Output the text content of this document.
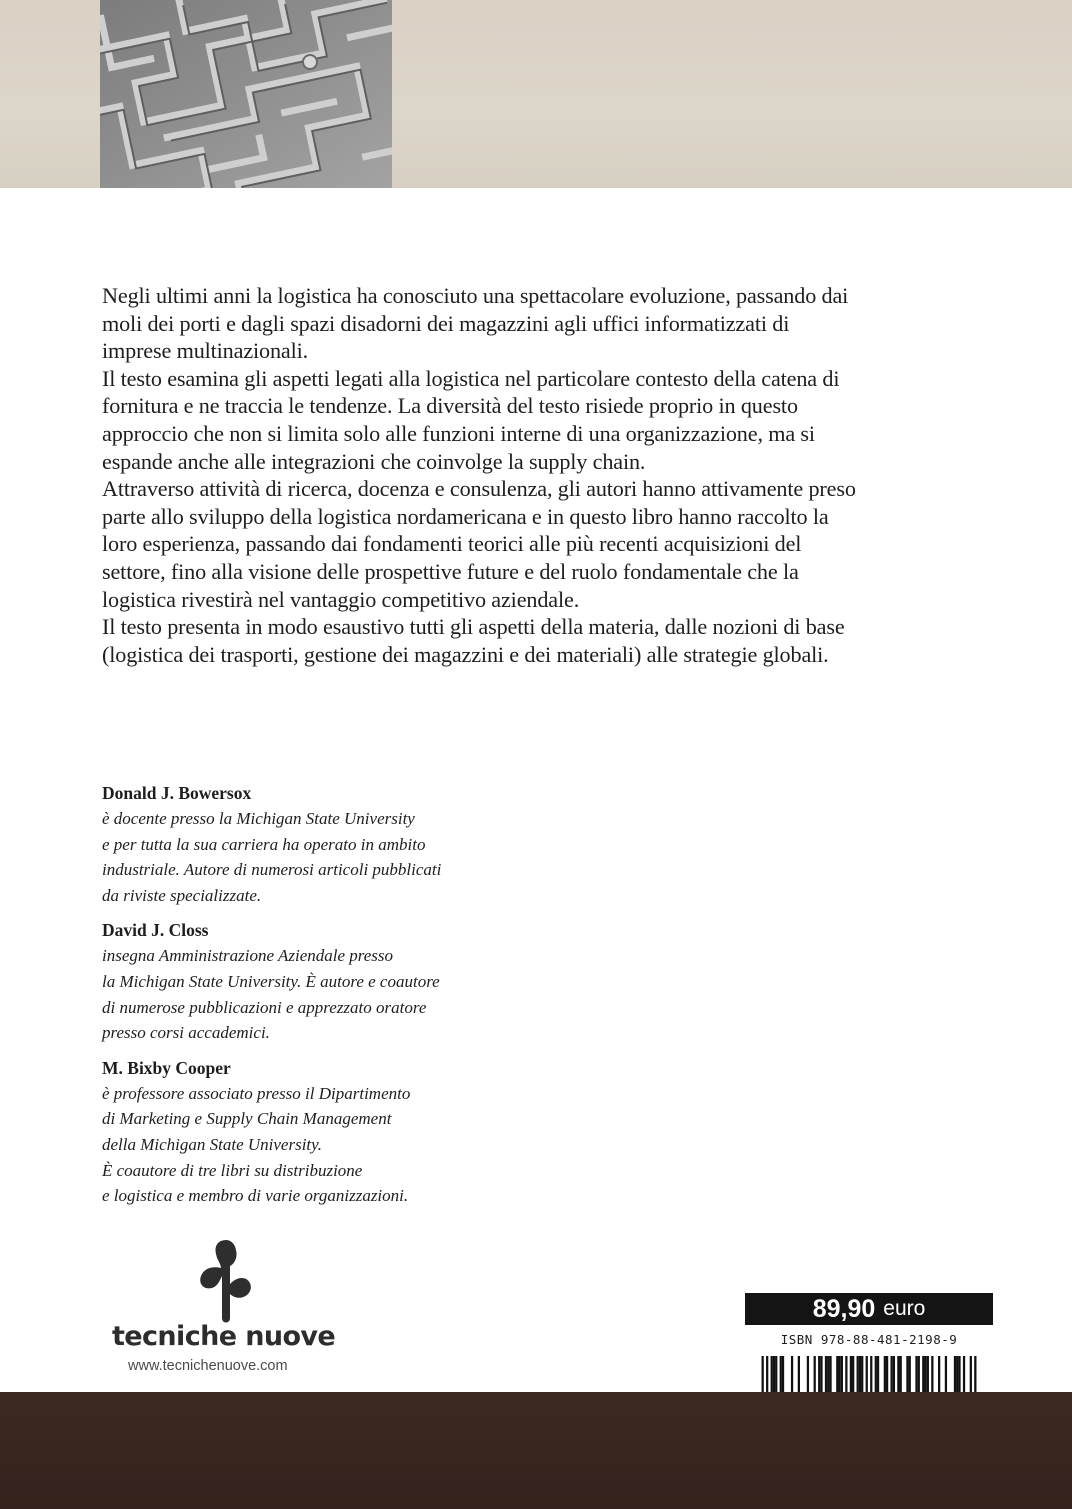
Negli ultimi anni la logistica ha conosciuto una spettacolare evoluzione, passando dai moli dei porti e dagli spazi disadorni dei magazzini agli uffici informatizzati di imprese multinazionali.

Il testo esamina gli aspetti legati alla logistica nel particolare contesto della catena di fornitura e ne traccia le tendenze. La diversità del testo risiede proprio in questo approccio che non si limita solo alle funzioni interne di una organizzazione, ma si espande anche alle integrazioni che coinvolge la supply chain.

Attraverso attività di ricerca, docenza e consulenza, gli autori hanno attivamente preso parte allo sviluppo della logistica nordamericana e in questo libro hanno raccolto la loro esperienza, passando dai fondamenti teorici alle più recenti acquisizioni del settore, fino alla visione delle prospettive future e del ruolo fondamentale che la logistica rivestirà nel vantaggio competitivo aziendale.

Il testo presenta in modo esaustivo tutti gli aspetti della materia, dalle nozioni di base (logistica dei trasporti, gestione dei magazzini e dei materiali) alle strategie globali.

Donald J. Bowersox

è docente presso la Michigan State University
e per tutta la sua carriera ha operato in ambito
industriale. Autore di numerosi articoli pubblicati
da riviste specializzate.

David J. Closs

insegna Amministrazione Aziendale presso
la Michigan State University. È autore e coautore
di numerose pubblicazioni e apprezzato oratore
presso corsi accademici.

M. Bixby Cooper

è professore associato presso il Dipartimento
di Marketing e Supply Chain Management
della Michigan State University.
È coautore di tre libri su distribuzione
e logistica e membro di varie organizzazioni.

tecniche nuove
www.tecnichenuove.com
89,90 euro
ISBN 978-88-481-2198-9
